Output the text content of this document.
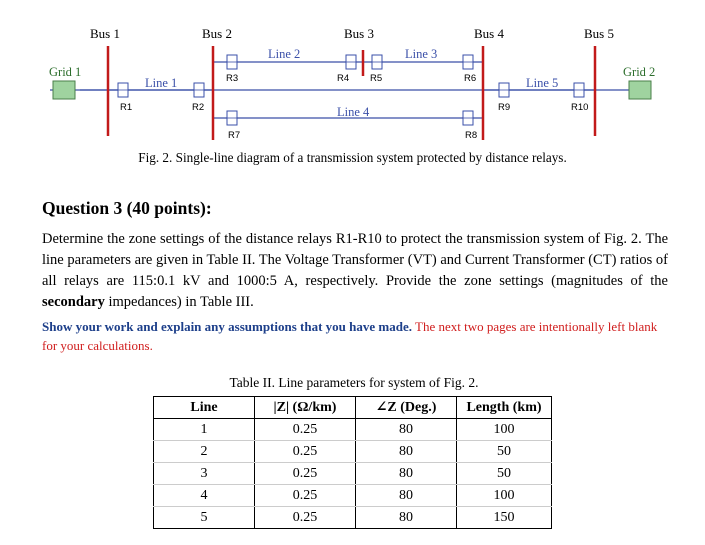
Bus 1	Bus 2	Bus 3	Bus 4	Bus 5
Grid 1	Grid 2
Line 1
Line 2	Line 3
Line 4
Line 5
R1	R2
R3	R4 R5	R6
R7	R8
R9	R10
Fig. 2. Single-line diagram of a transmission system protected by distance relays.
Question 3 (40 points):
Determine the zone settings of the distance relays R1-R10 to protect the transmission system of Fig. 2. The line parameters are given in Table II. The Voltage Transformer (VT) and Current Transformer (CT) ratios of all relays are 115:0.1 kV and 1000:5 A, respectively. Provide the zone settings (magnitudes of the secondary impedances) in Table III.
Show your work and explain any assumptions that you have made. The next two pages are intentionally left blank for your calculations.
Table II. Line parameters for system of Fig. 2.
Line	|Z| (Ω/km)	∠Z (Deg.)	Length (km)
1	0.25	80	100
2	0.25	80	50
3	0.25	80	50
4	0.25	80	100
5	0.25	80	150
